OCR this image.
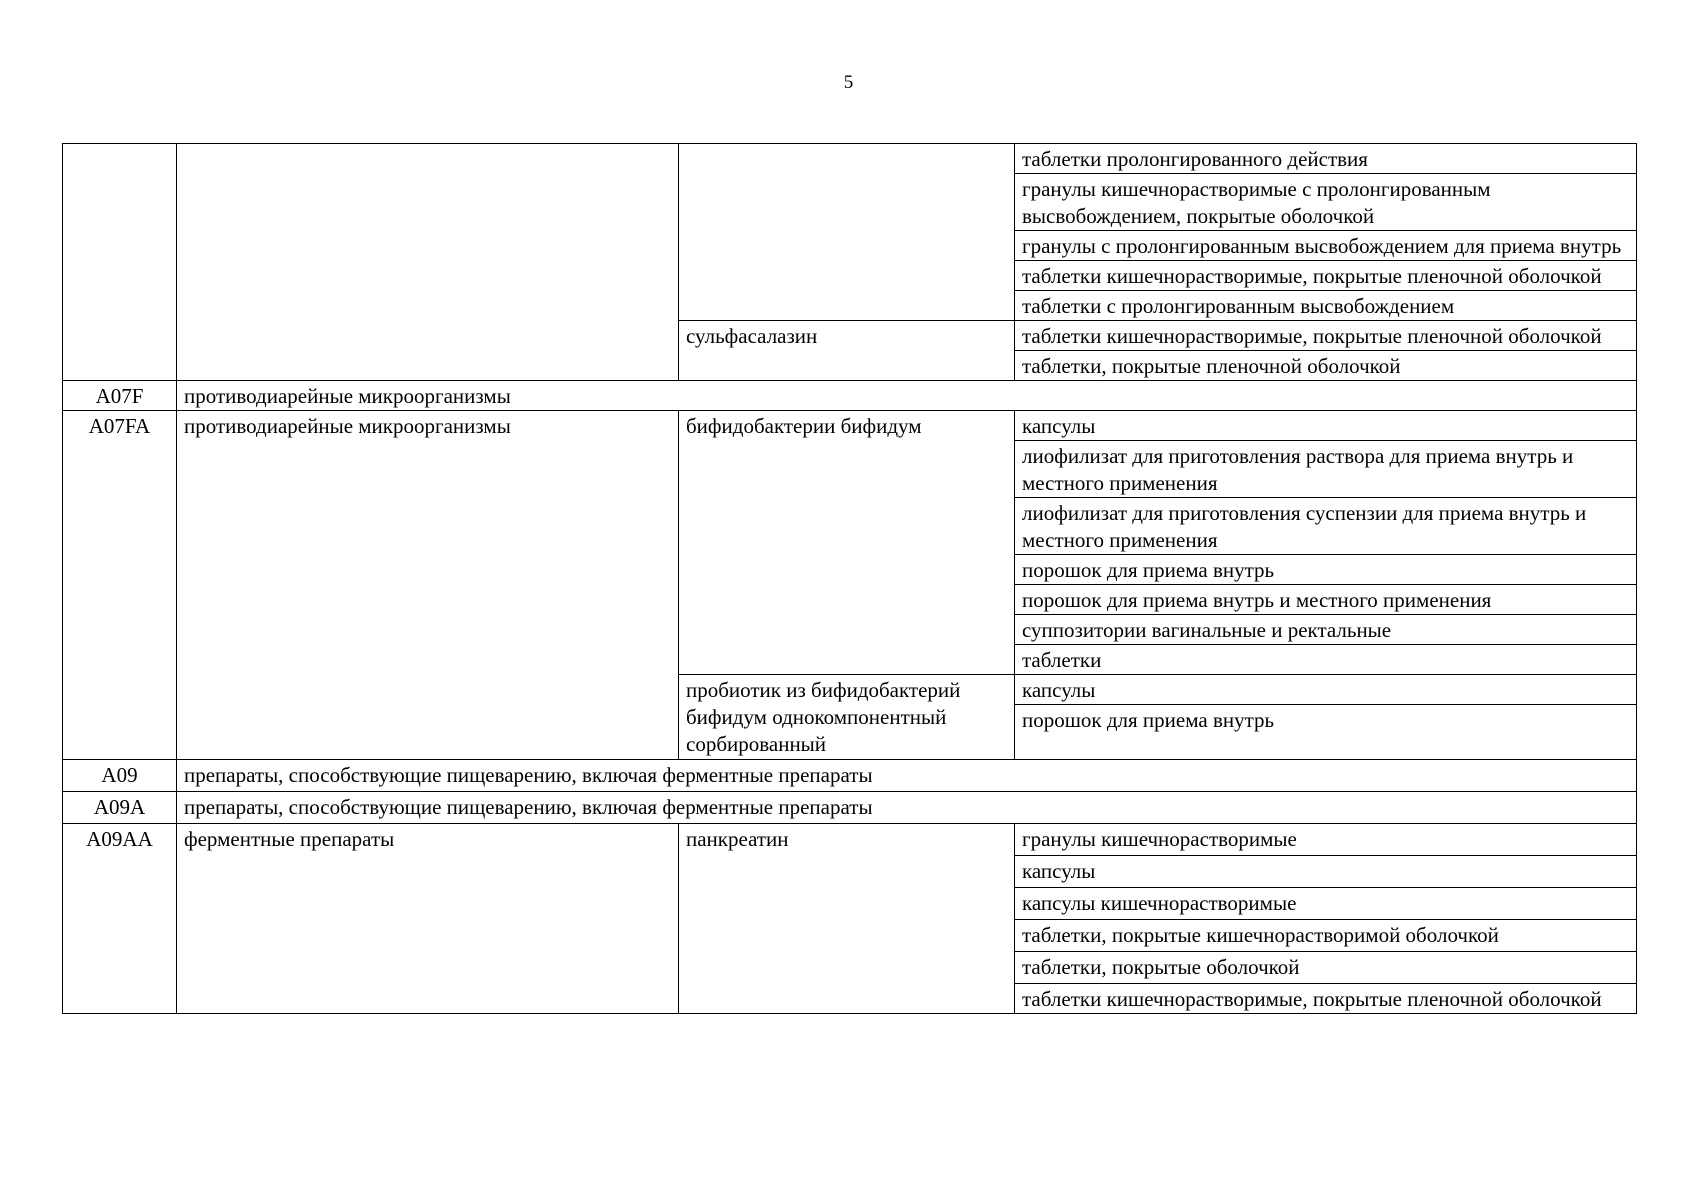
5
			таблетки пролонгированного действия
			гранулы кишечнорастворимые с пролонгированным высвобождением, покрытые оболочкой
			гранулы с пролонгированным высвобождением для приема внутрь
			таблетки кишечнорастворимые, покрытые пленочной оболочкой
			таблетки с пролонгированным высвобождением
		сульфасалазин	таблетки кишечнорастворимые, покрытые пленочной оболочкой
			таблетки, покрытые пленочной оболочкой
A07F	противодиарейные микроорганизмы		
A07FA	противодиарейные микроорганизмы	бифидобактерии бифидум	капсулы
			лиофилизат для приготовления раствора для приема внутрь и местного применения
			лиофилизат для приготовления суспензии для приема внутрь и местного применения
			порошок для приема внутрь
			порошок для приема внутрь и местного применения
			суппозитории вагинальные и ректальные
			таблетки
		пробиотик из бифидобактерий бифидум однокомпонентный сорбированный	капсулы
			порошок для приема внутрь
A09	препараты, способствующие пищеварению, включая ферментные препараты		
A09A	препараты, способствующие пищеварению, включая ферментные препараты		
A09AA	ферментные препараты	панкреатин	гранулы кишечнорастворимые
			капсулы
			капсулы кишечнорастворимые
			таблетки, покрытые кишечнорастворимой оболочкой
			таблетки, покрытые оболочкой
			таблетки кишечнорастворимые, покрытые пленочной оболочкой
